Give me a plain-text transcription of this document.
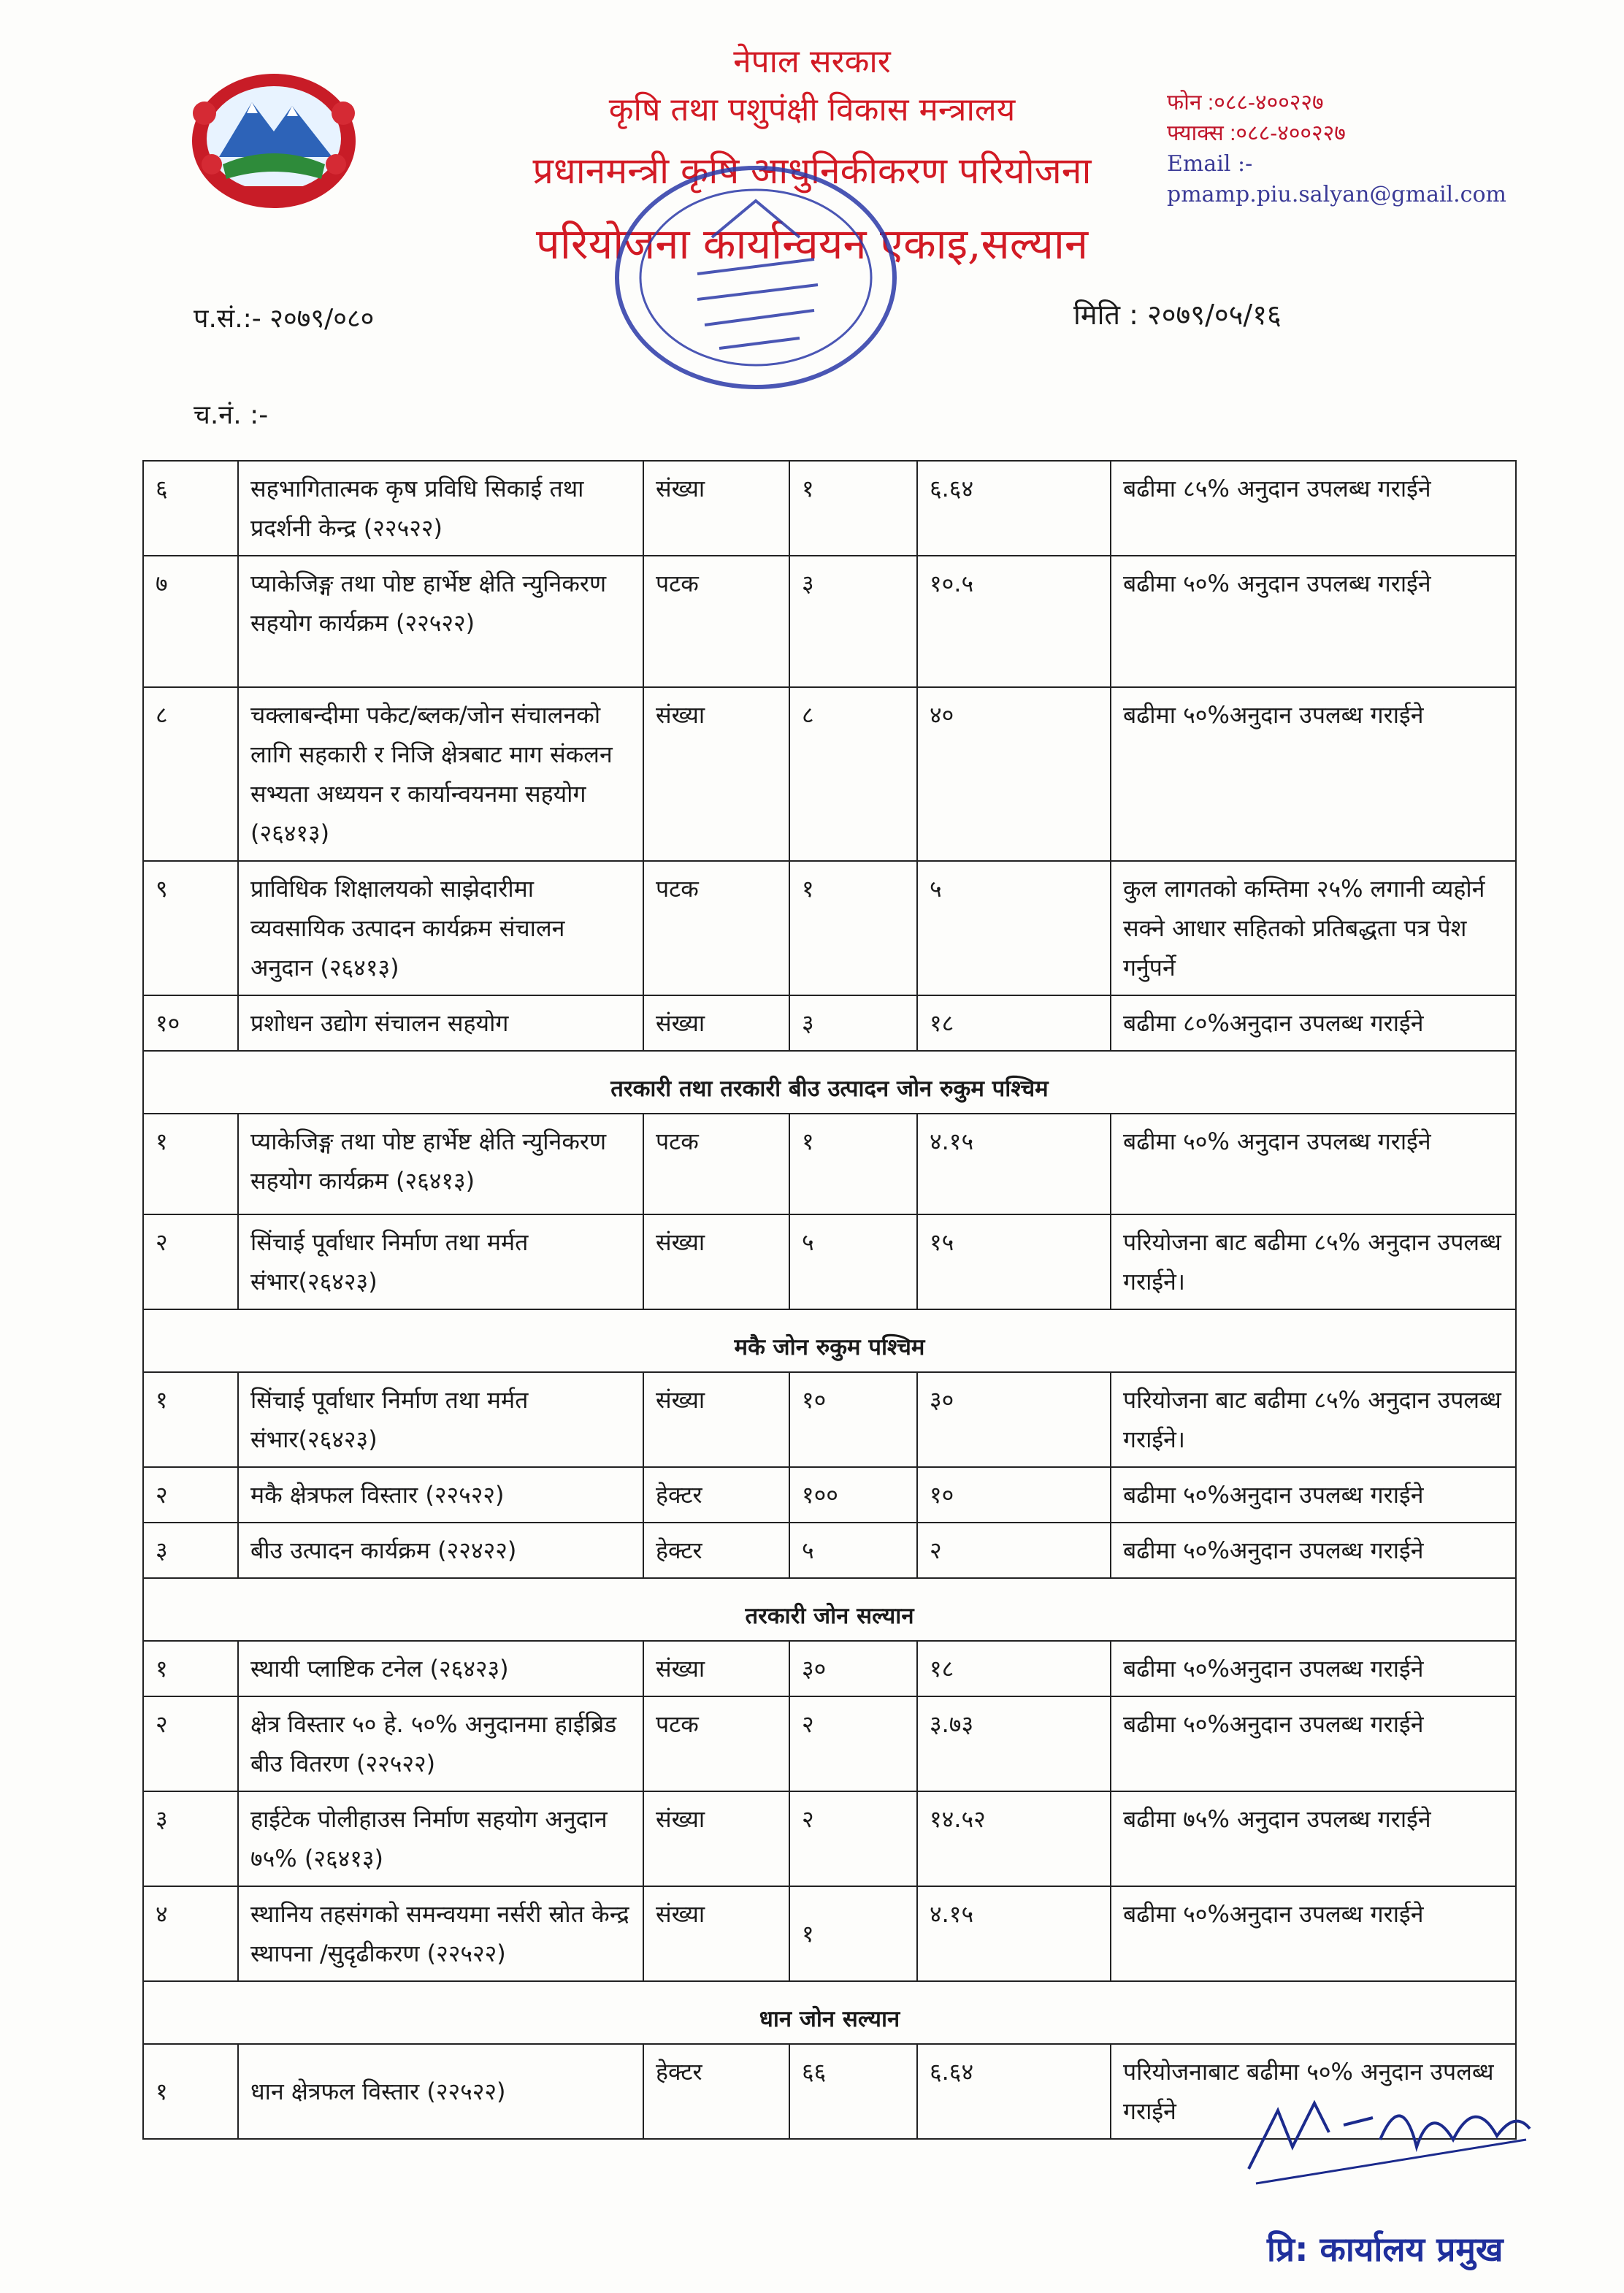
नेपाल सरकार
कृषि तथा पशुपंक्षी विकास मन्त्रालय
प्रधानमन्त्री कृषि आधुनिकीकरण परियोजना
परियोजना कार्यान्वयन एकाइ,सल्यान
फोन :०८८-४००२२७
फ्याक्स :०८८-४००२२७
Email :-
pmamp.piu.salyan@gmail.com
प.सं.:- २०७९/०८०	मिति : २०७९/०५/१६
च.नं. :-
६	सहभागितात्मक कृष प्रविधि सिकाई तथा प्रदर्शनी केन्द्र (२२५२२)	संख्या	१	६.६४	बढीमा ८५% अनुदान उपलब्ध गराईने
७	प्याकेजिङ्ग तथा पोष्ट हार्भेष्ट क्षेति न्युनिकरण सहयोग कार्यक्रम (२२५२२)	पटक	३	१०.५	बढीमा ५०% अनुदान उपलब्ध गराईने
८	चक्लाबन्दीमा पकेट/ब्लक/जोन संचालनको लागि सहकारी र निजि क्षेत्रबाट माग संकलन सभ्यता अध्ययन र कार्यान्वयनमा सहयोग (२६४१३)	संख्या	८	४०	बढीमा ५०%अनुदान उपलब्ध गराईने
९	प्राविधिक शिक्षालयको साझेदारीमा व्यवसायिक उत्पादन कार्यक्रम संचालन अनुदान (२६४१३)	पटक	१	५	कुल लागतको कम्तिमा २५% लगानी व्यहोर्न सक्ने आधार सहितको प्रतिबद्धता पत्र पेश गर्नुपर्ने
१०	प्रशोधन उद्योग संचालन सहयोग	संख्या	३	१८	बढीमा ८०%अनुदान उपलब्ध गराईने
तरकारी तथा तरकारी बीउ उत्पादन जोन रुकुम पश्चिम					
१	प्याकेजिङ्ग तथा पोष्ट हार्भेष्ट क्षेति न्युनिकरण सहयोग कार्यक्रम (२६४१३)	पटक	१	४.१५	बढीमा ५०% अनुदान उपलब्ध गराईने
२	सिंचाई पूर्वाधार निर्माण तथा मर्मत संभार(२६४२३)	संख्या	५	१५	परियोजना बाट बढीमा ८५% अनुदान उपलब्ध गराईने।
मकै जोन रुकुम पश्चिम					
१	सिंचाई पूर्वाधार निर्माण तथा मर्मत संभार(२६४२३)	संख्या	१०	३०	परियोजना बाट बढीमा ८५% अनुदान उपलब्ध गराईने।
२	मकै क्षेत्रफल विस्तार (२२५२२)	हेक्टर	१००	१०	बढीमा ५०%अनुदान उपलब्ध गराईने
३	बीउ उत्पादन कार्यक्रम (२२४२२)	हेक्टर	५	२	बढीमा ५०%अनुदान उपलब्ध गराईने
तरकारी जोन सल्यान					
१	स्थायी प्लाष्टिक टनेल (२६४२३)	संख्या	३०	१८	बढीमा ५०%अनुदान उपलब्ध गराईने
२	क्षेत्र विस्तार ५० हे. ५०% अनुदानमा हाईब्रिड बीउ वितरण (२२५२२)	पटक	२	३.७३	बढीमा ५०%अनुदान उपलब्ध गराईने
३	हाईटेक पोलीहाउस निर्माण सहयोग अनुदान ७५% (२६४१३)	संख्या	२	१४.५२	बढीमा ७५% अनुदान उपलब्ध गराईने
४	स्थानिय तहसंगको समन्वयमा नर्सरी स्रोत केन्द्र स्थापना /सुदृढीकरण (२२५२२)	संख्या	१	४.१५	बढीमा ५०%अनुदान उपलब्ध गराईने
धान जोन सल्यान					
१	धान क्षेत्रफल विस्तार (२२५२२)	हेक्टर	६६	६.६४	परियोजनाबाट बढीमा ५०% अनुदान उपलब्ध गराईने
प्रि: कार्यालय प्रमुख
